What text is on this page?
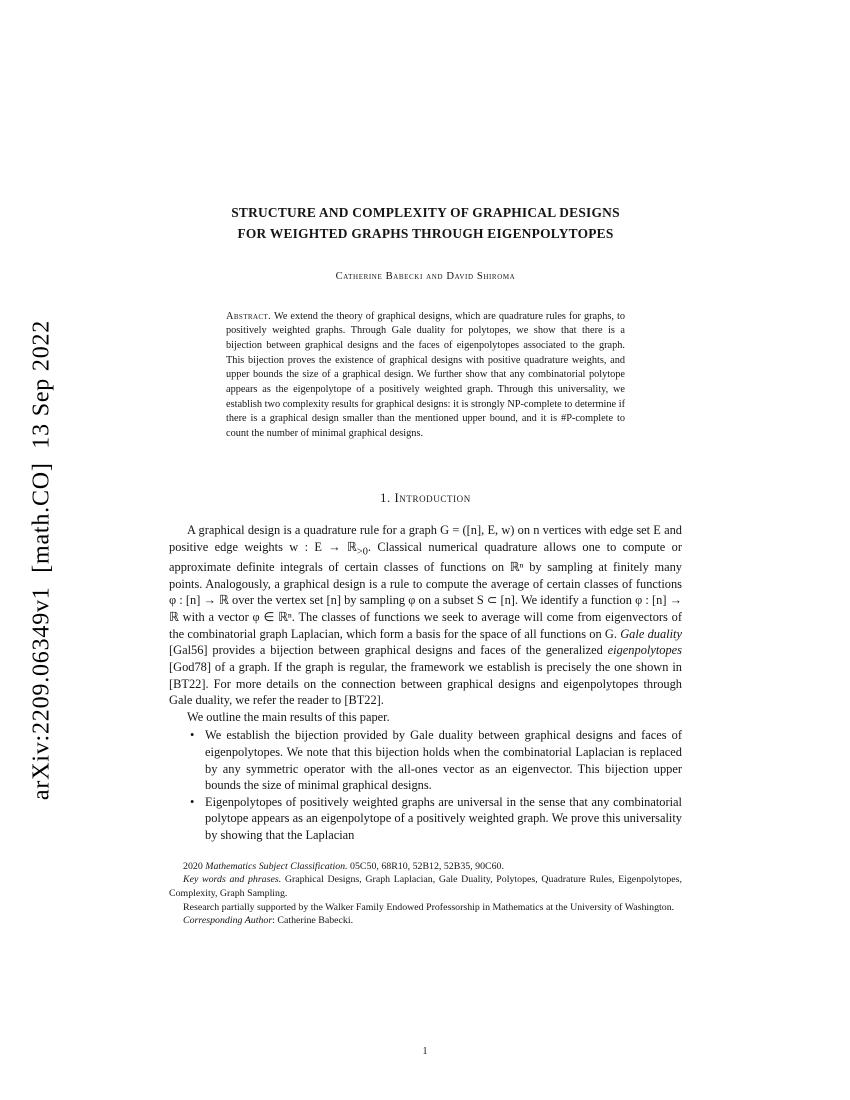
arXiv:2209.06349v1  [math.CO]  13 Sep 2022
STRUCTURE AND COMPLEXITY OF GRAPHICAL DESIGNS
FOR WEIGHTED GRAPHS THROUGH EIGENPOLYTOPES
Catherine Babecki and David Shiroma
Abstract. We extend the theory of graphical designs, which are quadrature rules for graphs, to positively weighted graphs. Through Gale duality for polytopes, we show that there is a bijection between graphical designs and the faces of eigenpolytopes associated to the graph. This bijection proves the existence of graphical designs with positive quadrature weights, and upper bounds the size of a graphical design. We further show that any combinatorial polytope appears as the eigenpolytope of a positively weighted graph. Through this universality, we establish two complexity results for graphical designs: it is strongly NP-complete to determine if there is a graphical design smaller than the mentioned upper bound, and it is #P-complete to count the number of minimal graphical designs.
1. Introduction

A graphical design is a quadrature rule for a graph G = ([n], E, w) on n vertices with edge set E and positive edge weights w : E → ℝ$_{>0}$. Classical numerical quadrature allows one to compute or approximate definite integrals of certain classes of functions on ℝⁿ by sampling at finitely many points. Analogously, a graphical design is a rule to compute the average of certain classes of functions φ : [n] → ℝ over the vertex set [n] by sampling φ on a subset S ⊂ [n]. We identify a function φ : [n] → ℝ with a vector φ ∈ ℝⁿ. The classes of functions we seek to average will come from eigenvectors of the combinatorial graph Laplacian, which form a basis for the space of all functions on G. Gale duality [Gal56] provides a bijection between graphical designs and faces of the generalized eigenpolytopes [God78] of a graph. If the graph is regular, the framework we establish is precisely the one shown in [BT22]. For more details on the connection between graphical designs and eigenpolytopes through Gale duality, we refer the reader to [BT22].

We outline the main results of this paper.

• We establish the bijection provided by Gale duality between graphical designs and faces of eigenpolytopes. We note that this bijection holds when the combinatorial Laplacian is replaced by any symmetric operator with the all-ones vector as an eigenvector. This bijection upper bounds the size of minimal graphical designs.
• Eigenpolytopes of positively weighted graphs are universal in the sense that any combinatorial polytope appears as an eigenpolytope of a positively weighted graph. We prove this universality by showing that the Laplacian

2020 Mathematics Subject Classification. 05C50, 68R10, 52B12, 52B35, 90C60.

Key words and phrases. Graphical Designs, Graph Laplacian, Gale Duality, Polytopes, Quadrature Rules, Eigenpolytopes, Complexity, Graph Sampling.

Research partially supported by the Walker Family Endowed Professorship in Mathematics at the University of Washington.

Corresponding Author: Catherine Babecki.

1
